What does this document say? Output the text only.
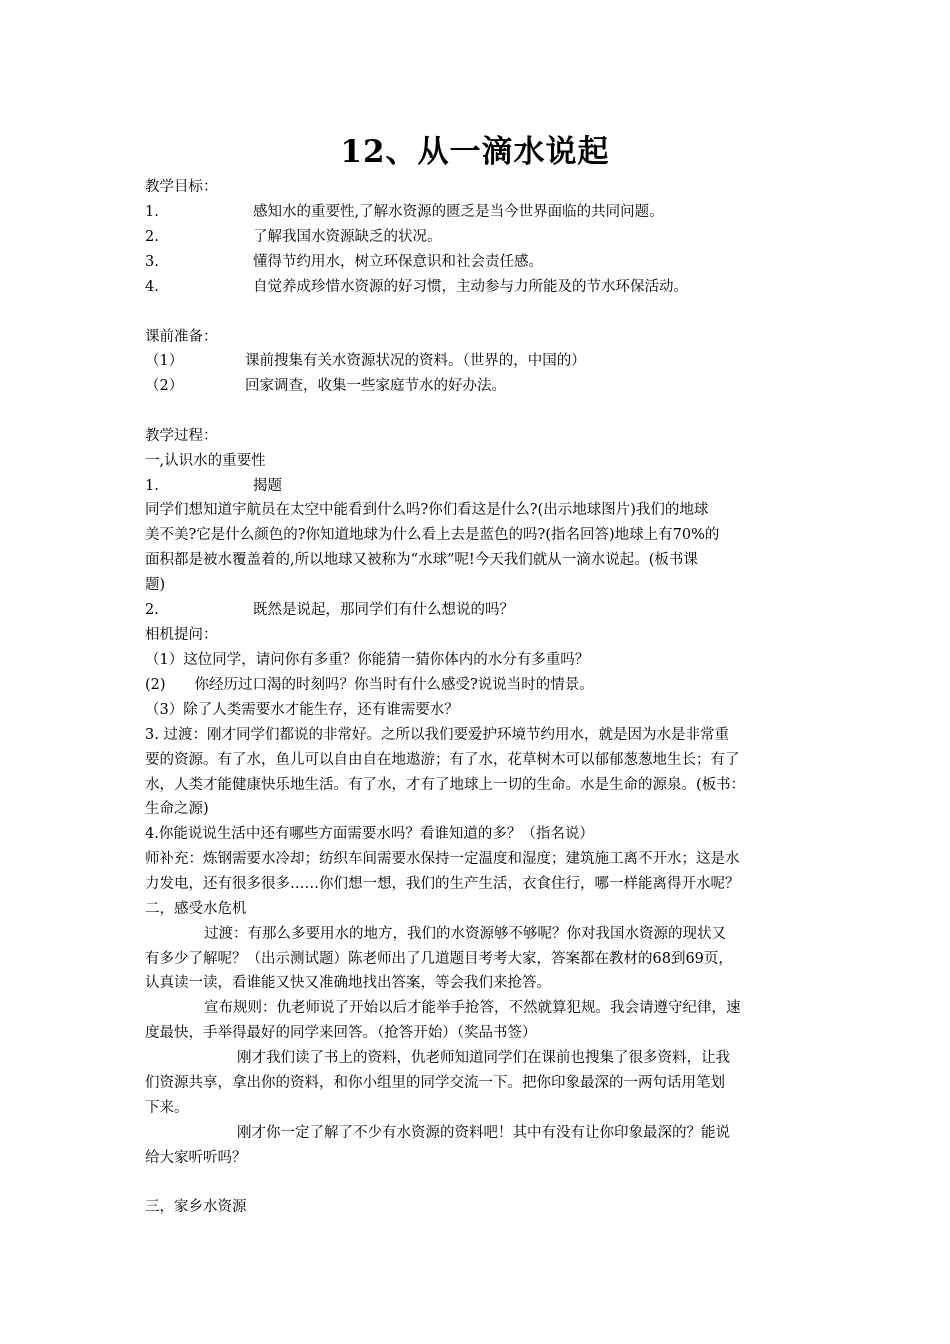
12、从一滴水说起
教学目标：
1.	感知水的重要性,了解水资源的匮乏是当今世界面临的共同问题。
2.	了解我国水资源缺乏的状况。
3.	懂得节约用水，树立环保意识和社会责任感。
4.	自觉养成珍惜水资源的好习惯，主动参与力所能及的节水环保活动。
课前准备：
（1）	课前搜集有关水资源状况的资料。（世界的，中国的）
（2）	回家调查，收集一些家庭节水的好办法。
教学过程：
一,认识水的重要性
1.	揭题
同学们想知道宇航员在太空中能看到什么吗?你们看这是什么?(出示地球图片)我们的地球
美不美?它是什么颜色的?你知道地球为什么看上去是蓝色的吗?(指名回答)地球上有70%的
面积都是被水覆盖着的,所以地球又被称为“水球”呢!今天我们就从一滴水说起。(板书课
题)
2.	既然是说起，那同学们有什么想说的吗？
相机提问：
（1）这位同学，请问你有多重？你能猜一猜你体内的水分有多重吗？
(2)　　你经历过口渴的时刻吗？你当时有什么感受?说说当时的情景。
（3）除了人类需要水才能生存，还有谁需要水？
3. 过渡：刚才同学们都说的非常好。之所以我们要爱护环境节约用水，就是因为水是非常重
要的资源。有了水，鱼儿可以自由自在地遨游；有了水，花草树木可以郁郁葱葱地生长；有了
水，人类才能健康快乐地生活。有了水，才有了地球上一切的生命。水是生命的源泉。(板书：
生命之源)
4.你能说说生活中还有哪些方面需要水吗？看谁知道的多？（指名说）
师补充：炼钢需要水冷却；纺织车间需要水保持一定温度和湿度；建筑施工离不开水；这是水
力发电，还有很多很多……你们想一想，我们的生产生活，衣食住行，哪一样能离得开水呢？
二，感受水危机
过渡：有那么多要用水的地方，我们的水资源够不够呢？你对我国水资源的现状又
有多少了解呢？（出示测试题）陈老师出了几道题目考考大家，答案都在教材的68到69页，
认真读一读，看谁能又快又准确地找出答案，等会我们来抢答。
宣布规则：仇老师说了开始以后才能举手抢答，不然就算犯规。我会请遵守纪律，速
度最快，手举得最好的同学来回答。（抢答开始）（奖品书签）
刚才我们读了书上的资料，仇老师知道同学们在课前也搜集了很多资料，让我
们资源共享，拿出你的资料，和你小组里的同学交流一下。把你印象最深的一两句话用笔划
下来。
刚才你一定了解了不少有水资源的资料吧！其中有没有让你印象最深的？能说
给大家听听吗？
三，家乡水资源
